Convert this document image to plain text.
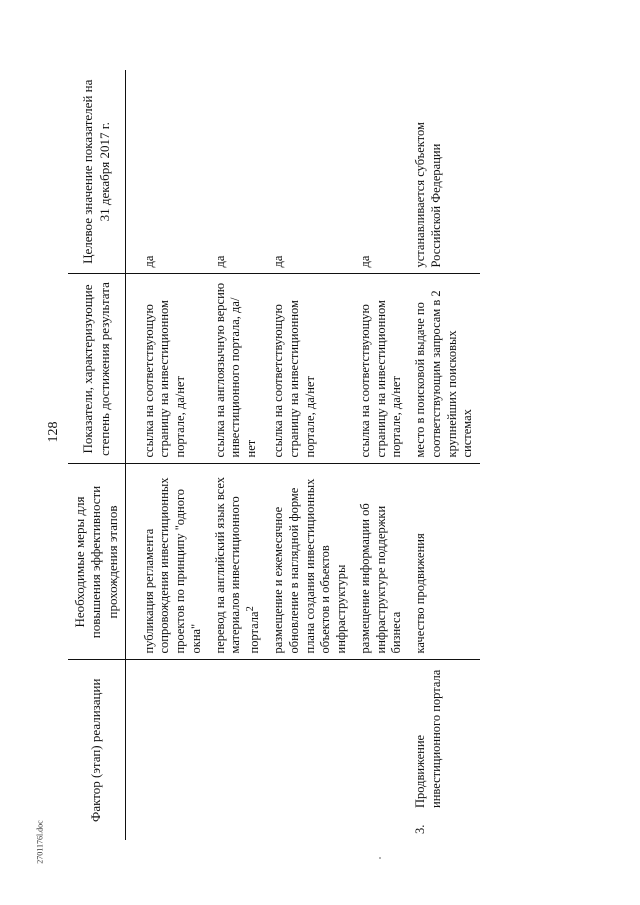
128
Фактор (этап) реализации		Необходимые меры для повышения эффективности прохождения этапов	Показатели, характеризующие степень достижения результата	Целевое значение показателей на 31 декабря 2017 г.

		публикация регламента сопровождения инвестиционных проектов по принципу "одного окна"	ссылка на соответствующую страницу на инвестиционном портале, да/нет	да

		перевод на английский язык всех материалов инвестиционного портала$^2$	ссылка на англоязычную версию инвестиционного портала, да/нет	да

		размещение и ежемесячное обновление в наглядной форме плана создания инвестиционных объектов и объектов инфраструктуры	ссылка на соответствующую страницу на инвестиционном портале, да/нет	да

		размещение информации об инфраструктуре поддержки бизнеса	ссылка на соответствующую страницу на инвестиционном портале, да/нет	да

3.	Продвижение инвестиционного портала	качество продвижения	место в поисковой выдаче по соответствующим запросам в 2 крупнейших поисковых системах	устанавливается субъектом Российской Федерации
2701176l.doc
